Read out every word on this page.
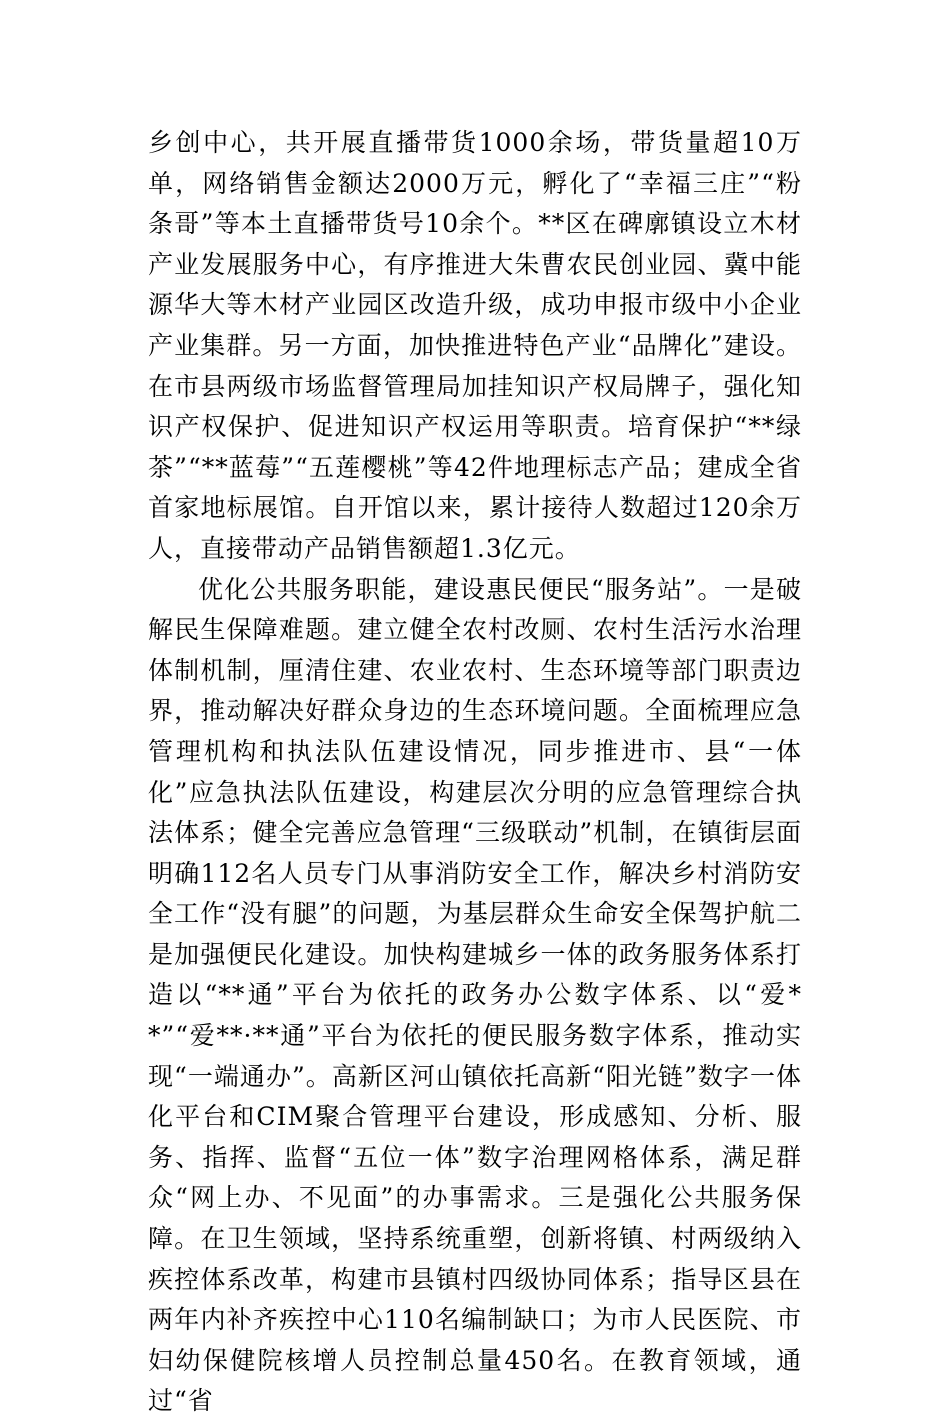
乡创中心，共开展直播带货1000余场，带货量超10万单，网络销售金额达2000万元，孵化了“幸福三庄”“粉条哥”等本土直播带货号10余个。**区在碑廓镇设立木材产业发展服务中心，有序推进大朱曹农民创业园、冀中能源华大等木材产业园区改造升级，成功申报市级中小企业产业集群。另一方面，加快推进特色产业“品牌化”建设。在市县两级市场监督管理局加挂知识产权局牌子，强化知识产权保护、促进知识产权运用等职责。培育保护“**绿茶”“**蓝莓”“五莲樱桃”等42件地理标志产品；建成全省首家地标展馆。自开馆以来，累计接待人数超过120余万人，直接带动产品销售额超1.3亿元。

优化公共服务职能，建设惠民便民“服务站”。一是破解民生保障难题。建立健全农村改厕、农村生活污水治理体制机制，厘清住建、农业农村、生态环境等部门职责边界，推动解决好群众身边的生态环境问题。全面梳理应急管理机构和执法队伍建设情况，同步推进市、县“一体化”应急执法队伍建设，构建层次分明的应急管理综合执法体系；健全完善应急管理“三级联动”机制，在镇街层面明确112名人员专门从事消防安全工作，解决乡村消防安全工作“没有腿”的问题，为基层群众生命安全保驾护航二是加强便民化建设。加快构建城乡一体的政务服务体系打造以“**通”平台为依托的政务办公数字体系、以“爱**”“爱**·**通”平台为依托的便民服务数字体系，推动实现“一端通办”。高新区河山镇依托高新“阳光链”数字一体化平台和CIM聚合管理平台建设，形成感知、分析、服务、指挥、监督“五位一体”数字治理网格体系，满足群众“网上办、不见面”的办事需求。三是强化公共服务保障。在卫生领域，坚持系统重塑，创新将镇、村两级纳入疾控体系改革，构建市县镇村四级协同体系；指导区县在两年内补齐疾控中心110名编制缺口；为市人民医院、市妇幼保健院核增人员控制总量450名。在教育领域，通过“省
